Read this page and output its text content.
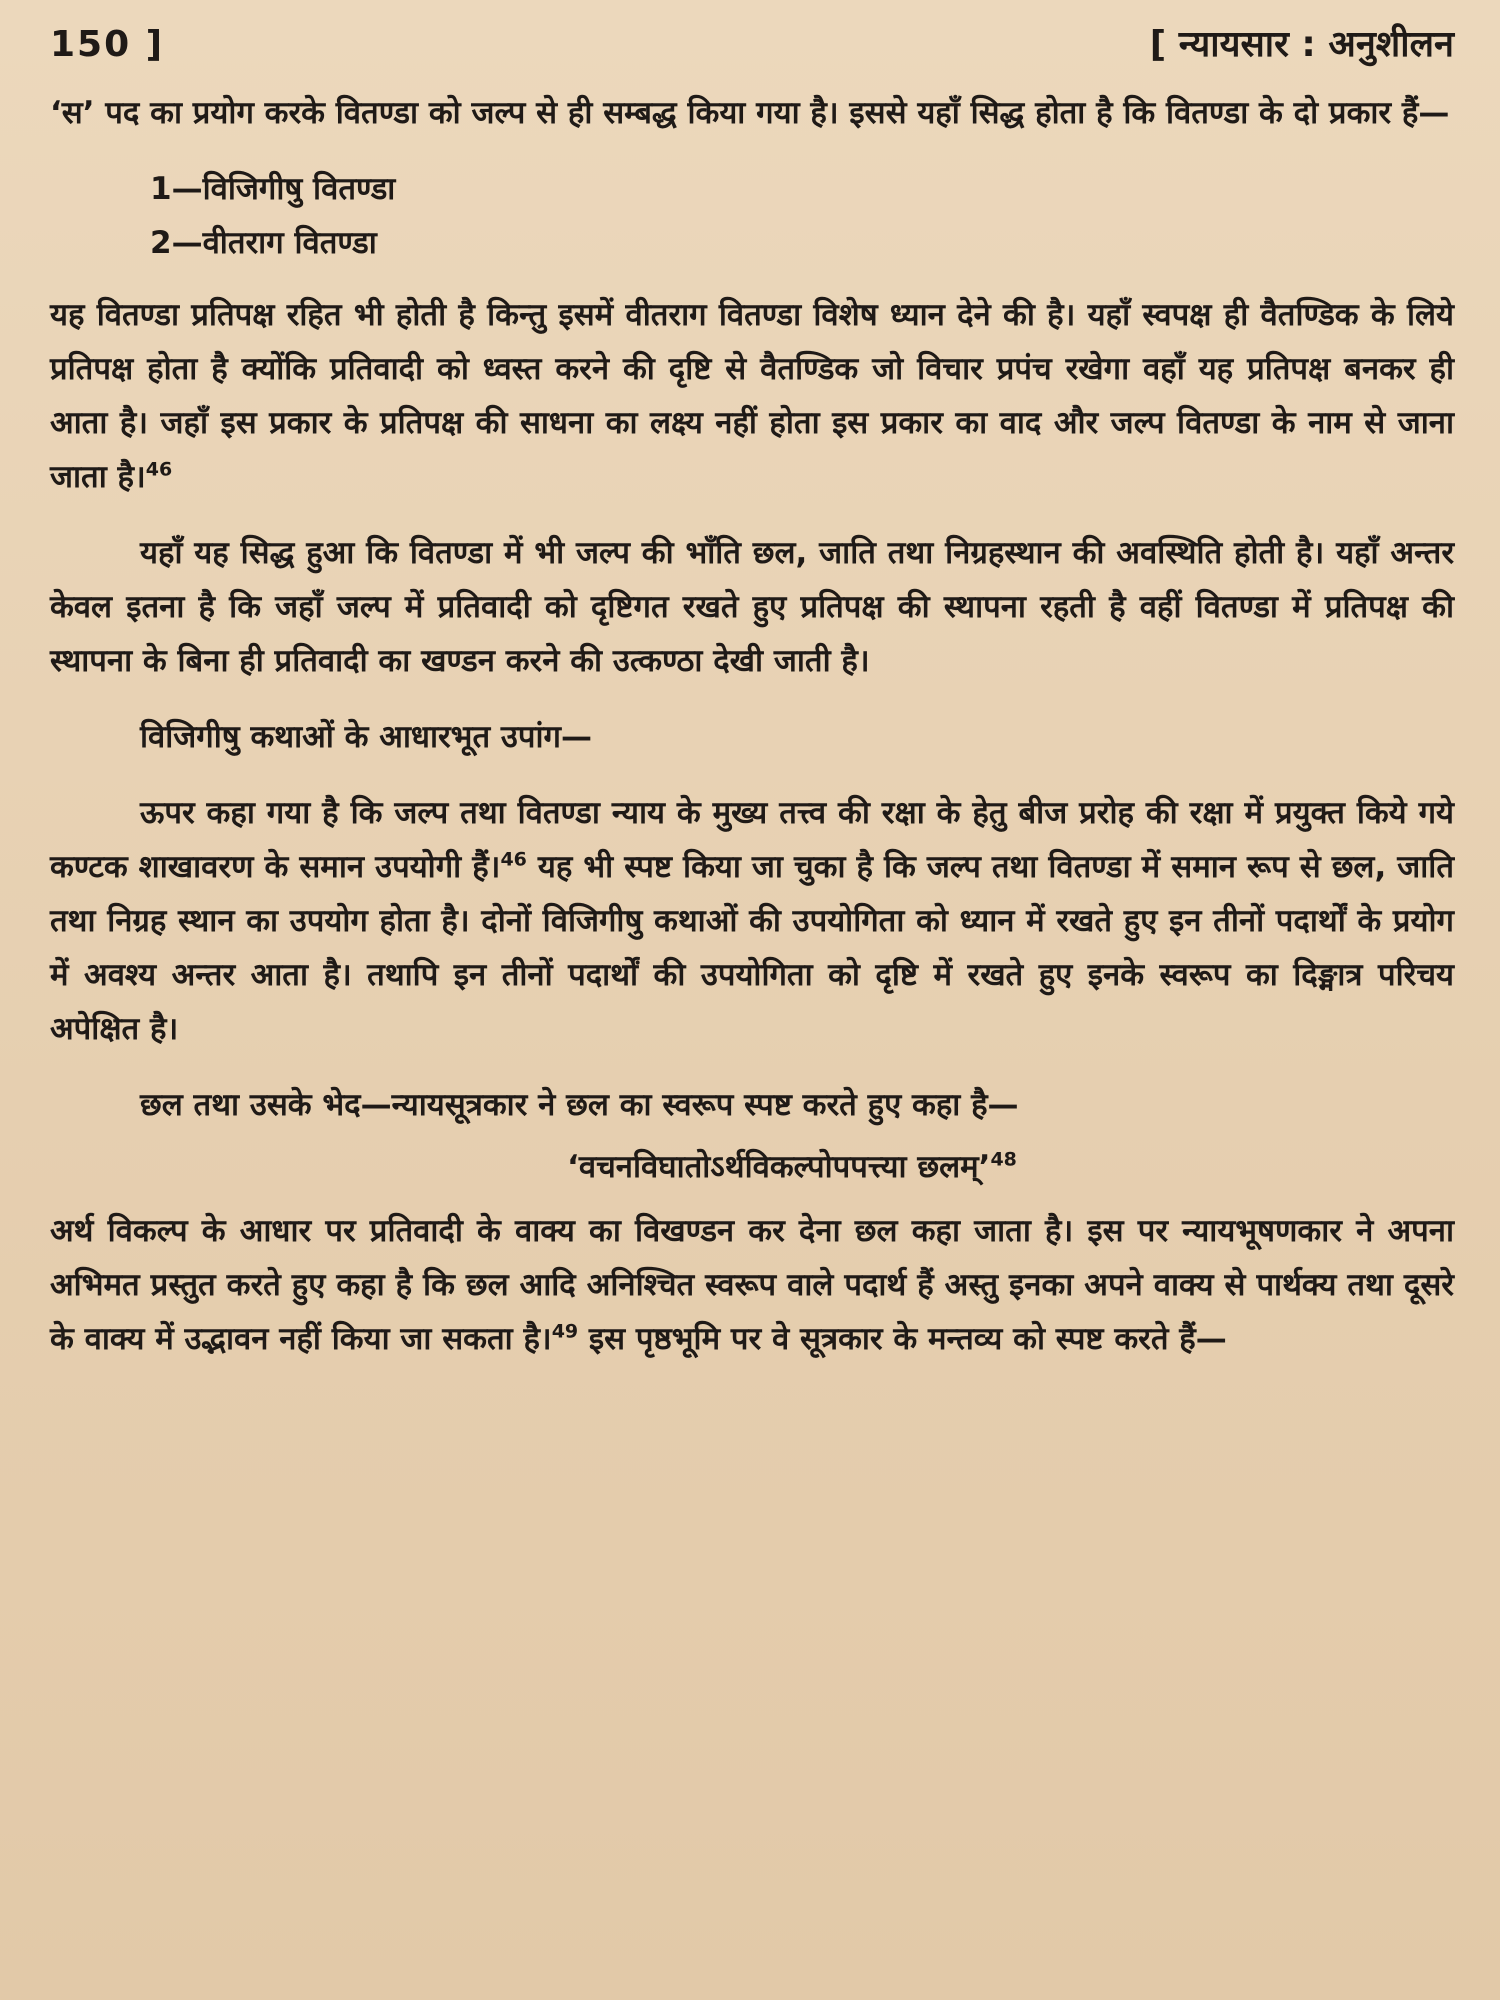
150 ]	[ न्यायसार : अनुशीलन

‘स’ पद का प्रयोग करके वितण्डा को जल्प से ही सम्बद्ध किया गया है। इससे यहाँ सिद्ध होता है कि वितण्डा के दो प्रकार हैं—

1—विजिगीषु वितण्डा
2—वीतराग वितण्डा

यह वितण्डा प्रतिपक्ष रहित भी होती है किन्तु इसमें वीतराग वितण्डा विशेष ध्यान देने की है। यहाँ स्वपक्ष ही वैतण्डिक के लिये प्रतिपक्ष होता है क्योंकि प्रतिवादी को ध्वस्त करने की दृष्टि से वैतण्डिक जो विचार प्रपंच रखेगा वहाँ यह प्रतिपक्ष बनकर ही आता है। जहाँ इस प्रकार के प्रतिपक्ष की साधना का लक्ष्य नहीं होता इस प्रकार का वाद और जल्प वितण्डा के नाम से जाना जाता है।$^{46}$

यहाँ यह सिद्ध हुआ कि वितण्डा में भी जल्प की भाँति छल, जाति तथा निग्रहस्थान की अवस्थिति होती है। यहाँ अन्तर केवल इतना है कि जहाँ जल्प में प्रतिवादी को दृष्टिगत रखते हुए प्रतिपक्ष की स्थापना रहती है वहीं वितण्डा में प्रतिपक्ष की स्थापना के बिना ही प्रतिवादी का खण्डन करने की उत्कण्ठा देखी जाती है।

विजिगीषु कथाओं के आधारभूत उपांग—

ऊपर कहा गया है कि जल्प तथा वितण्डा न्याय के मुख्य तत्त्व की रक्षा के हेतु बीज प्ररोह की रक्षा में प्रयुक्त किये गये कण्टक शाखावरण के समान उपयोगी हैं।$^{46}$ यह भी स्पष्ट किया जा चुका है कि जल्प तथा वितण्डा में समान रूप से छल, जाति तथा निग्रह स्थान का उपयोग होता है। दोनों विजिगीषु कथाओं की उपयोगिता को ध्यान में रखते हुए इन तीनों पदार्थों के प्रयोग में अवश्य अन्तर आता है। तथापि इन तीनों पदार्थों की उपयोगिता को दृष्टि में रखते हुए इनके स्वरूप का दिङ्मात्र परिचय अपेक्षित है।

छल तथा उसके भेद—न्यायसूत्रकार ने छल का स्वरूप स्पष्ट करते हुए कहा है—

‘वचनविघातोऽर्थविकल्पोपपत्त्या छलम्’$^{48}$

अर्थ विकल्प के आधार पर प्रतिवादी के वाक्य का विखण्डन कर देना छल कहा जाता है। इस पर न्यायभूषणकार ने अपना अभिमत प्रस्तुत करते हुए कहा है कि छल आदि अनिश्चित स्वरूप वाले पदार्थ हैं अस्तु इनका अपने वाक्य से पार्थक्य तथा दूसरे के वाक्य में उद्भावन नहीं किया जा सकता है।$^{49}$ इस पृष्ठभूमि पर वे सूत्रकार के मन्तव्य को स्पष्ट करते हैं—
